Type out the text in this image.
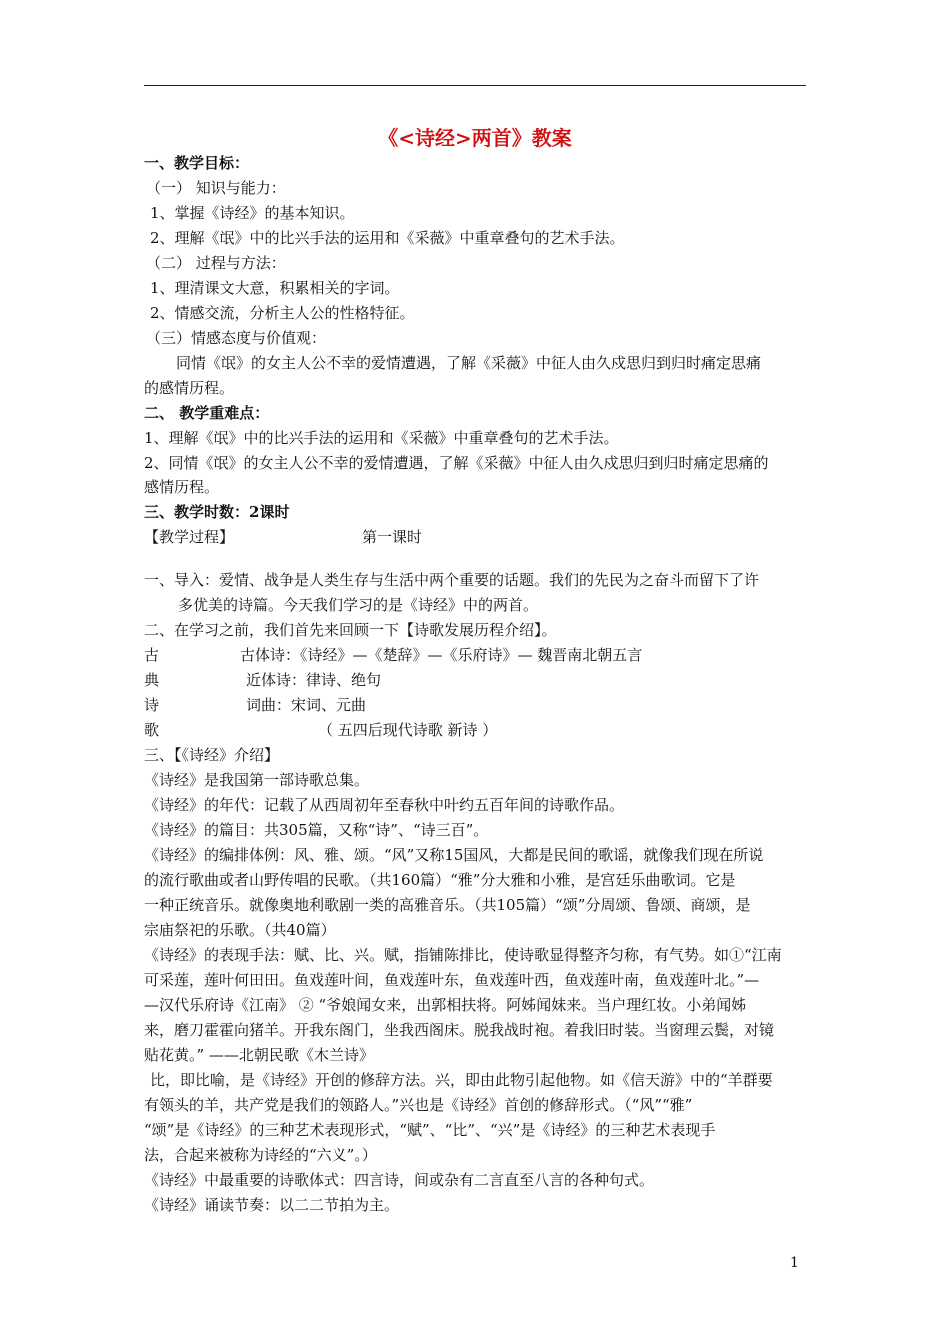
《<诗经>两首》教案
一、教学目标：
（一） 知识与能力：
1、掌握《诗经》的基本知识。
2、理解《氓》中的比兴手法的运用和《采薇》中重章叠句的艺术手法。
（二） 过程与方法：
1、理清课文大意，积累相关的字词。
2、情感交流，分析主人公的性格特征。
（三）情感态度与价值观：
同情《氓》的女主人公不幸的爱情遭遇，了解《采薇》中征人由久戍思归到归时痛定思痛
的感情历程。
二、 教学重难点：
1、理解《氓》中的比兴手法的运用和《采薇》中重章叠句的艺术手法。
2、同情《氓》的女主人公不幸的爱情遭遇，了解《采薇》中征人由久戍思归到归时痛定思痛的
感情历程。
三、教学时数：2课时
【教学过程】	第一课时
一、导入：爱情、战争是人类生存与生活中两个重要的话题。我们的先民为之奋斗而留下了许
多优美的诗篇。今天我们学习的是《诗经》中的两首。
二、在学习之前，我们首先来回顾一下【诗歌发展历程介绍】。
古	古体诗：《诗经》—《楚辞》—《乐府诗》— 魏晋南北朝五言
典	近体诗：律诗、绝句
诗	词曲：宋词、元曲
歌	（ 五四后现代诗歌 新诗 ）
三、【《诗经》介绍】
《诗经》是我国第一部诗歌总集。
《诗经》的年代：记载了从西周初年至春秋中叶约五百年间的诗歌作品。
《诗经》的篇目：共305篇，又称“诗”、“诗三百”。
《诗经》的编排体例：风、雅、颂。“风”又称15国风，大都是民间的歌谣，就像我们现在所说
的流行歌曲或者山野传唱的民歌。（共160篇）“雅”分大雅和小雅，是宫廷乐曲歌词。它是
一种正统音乐。就像奥地利歌剧一类的高雅音乐。（共105篇）“颂”分周颂、鲁颂、商颂，是
宗庙祭祀的乐歌。（共40篇）
《诗经》的表现手法：赋、比、兴。赋，指铺陈排比，使诗歌显得整齐匀称，有气势。如①“江南
可采莲，莲叶何田田。鱼戏莲叶间，鱼戏莲叶东，鱼戏莲叶西，鱼戏莲叶南，鱼戏莲叶北。”—
—汉代乐府诗《江南》 ② “爷娘闻女来，出郭相扶将。阿姊闻妹来。当户理红妆。小弟闻姊
来，磨刀霍霍向猪羊。开我东阁门，坐我西阁床。脱我战时袍。着我旧时装。当窗理云鬓，对镜
贴花黄。” ——北朝民歌《木兰诗》
比，即比喻，是《诗经》开创的修辞方法。兴，即由此物引起他物。如《信天游》中的“羊群要
有领头的羊，共产党是我们的领路人。”兴也是《诗经》首创的修辞形式。（“风”“雅”
“颂”是《诗经》的三种艺术表现形式，“赋”、“比”、“兴”是《诗经》的三种艺术表现手
法，合起来被称为诗经的“六义”。）
《诗经》中最重要的诗歌体式：四言诗，间或杂有二言直至八言的各种句式。
《诗经》诵读节奏：以二二节拍为主。
1
